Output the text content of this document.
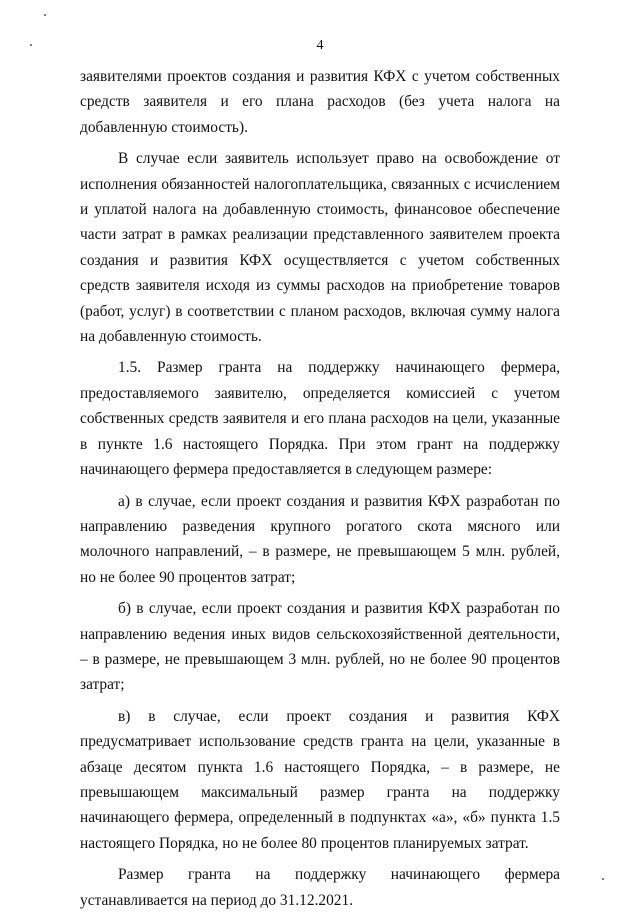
4

заявителями проектов создания и развития КФХ с учетом собственных средств заявителя и его плана расходов (без учета налога на добавленную стоимость).

В случае если заявитель использует право на освобождение от исполнения обязанностей налогоплательщика, связанных с исчислением и уплатой налога на добавленную стоимость, финансовое обеспечение части затрат в рамках реализации представленного заявителем проекта создания и развития КФХ осуществляется с учетом собственных средств заявителя исходя из суммы расходов на приобретение товаров (работ, услуг) в соответствии с планом расходов, включая сумму налога на добавленную стоимость.

1.5. Размер гранта на поддержку начинающего фермера, предоставляемого заявителю, определяется комиссией с учетом собственных средств заявителя и его плана расходов на цели, указанные в пункте 1.6 настоящего Порядка. При этом грант на поддержку начинающего фермера предоставляется в следующем размере:

а) в случае, если проект создания и развития КФХ разработан по направлению разведения крупного рогатого скота мясного или молочного направлений, – в размере, не превышающем 5 млн. рублей, но не более 90 процентов затрат;

б) в случае, если проект создания и развития КФХ разработан по направлению ведения иных видов сельскохозяйственной деятельности, – в размере, не превышающем 3 млн. рублей, но не более 90 процентов затрат;

в) в случае, если проект создания и развития КФХ предусматривает использование средств гранта на цели, указанные в абзаце десятом пункта 1.6 настоящего Порядка, – в размере, не превышающем максимальный размер гранта на поддержку начинающего фермера, определенный в подпунктах «а», «б» пункта 1.5 настоящего Порядка, но не более 80 процентов планируемых затрат.

Размер гранта на поддержку начинающего фермера устанавливается на период до 31.12.2021.
